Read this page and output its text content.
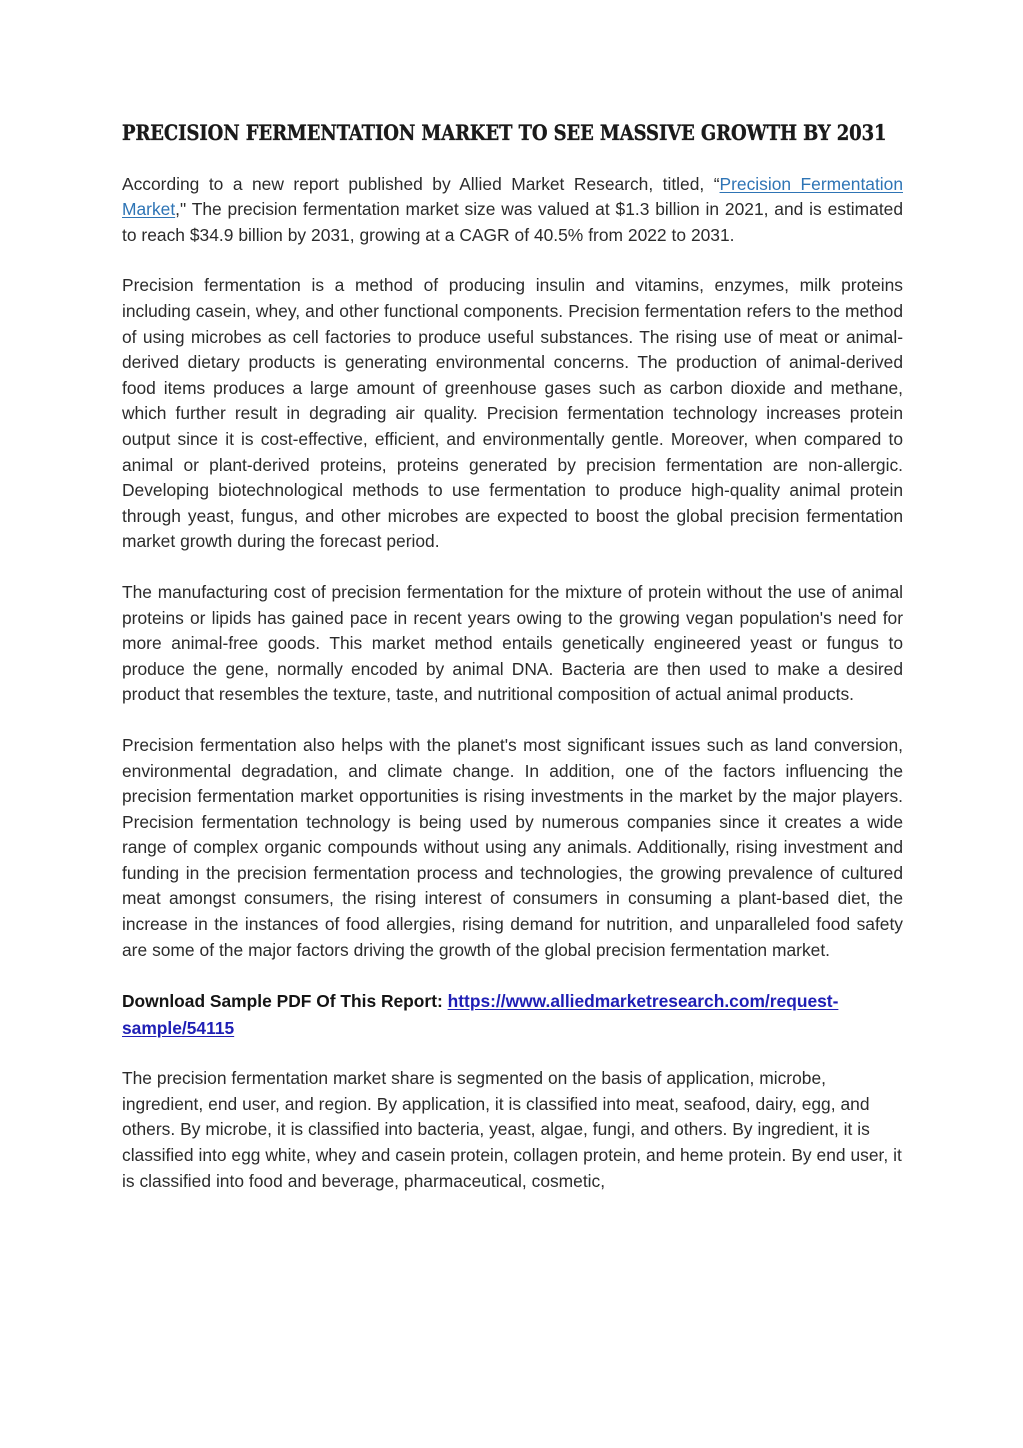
PRECISION FERMENTATION MARKET TO SEE MASSIVE GROWTH BY 2031

According to a new report published by Allied Market Research, titled, “Precision Fermentation Market," The precision fermentation market size was valued at $1.3 billion in 2021, and is estimated to reach $34.9 billion by 2031, growing at a CAGR of 40.5% from 2022 to 2031.

Precision fermentation is a method of producing insulin and vitamins, enzymes, milk proteins including casein, whey, and other functional components. Precision fermentation refers to the method of using microbes as cell factories to produce useful substances. The rising use of meat or animal-derived dietary products is generating environmental concerns. The production of animal-derived food items produces a large amount of greenhouse gases such as carbon dioxide and methane, which further result in degrading air quality. Precision fermentation technology increases protein output since it is cost-effective, efficient, and environmentally gentle. Moreover, when compared to animal or plant-derived proteins, proteins generated by precision fermentation are non-allergic. Developing biotechnological methods to use fermentation to produce high-quality animal protein through yeast, fungus, and other microbes are expected to boost the global precision fermentation market growth during the forecast period.

The manufacturing cost of precision fermentation for the mixture of protein without the use of animal proteins or lipids has gained pace in recent years owing to the growing vegan population's need for more animal-free goods. This market method entails genetically engineered yeast or fungus to produce the gene, normally encoded by animal DNA. Bacteria are then used to make a desired product that resembles the texture, taste, and nutritional composition of actual animal products.

Precision fermentation also helps with the planet's most significant issues such as land conversion, environmental degradation, and climate change. In addition, one of the factors influencing the precision fermentation market opportunities is rising investments in the market by the major players. Precision fermentation technology is being used by numerous companies since it creates a wide range of complex organic compounds without using any animals. Additionally, rising investment and funding in the precision fermentation process and technologies, the growing prevalence of cultured meat amongst consumers, the rising interest of consumers in consuming a plant-based diet, the increase in the instances of food allergies, rising demand for nutrition, and unparalleled food safety are some of the major factors driving the growth of the global precision fermentation market.

Download Sample PDF Of This Report: https://www.alliedmarketresearch.com/request-sample/54115

The precision fermentation market share is segmented on the basis of application, microbe, ingredient, end user, and region. By application, it is classified into meat, seafood, dairy, egg, and others. By microbe, it is classified into bacteria, yeast, algae, fungi, and others. By ingredient, it is classified into egg white, whey and casein protein, collagen protein, and heme protein. By end user, it is classified into food and beverage, pharmaceutical, cosmetic,
